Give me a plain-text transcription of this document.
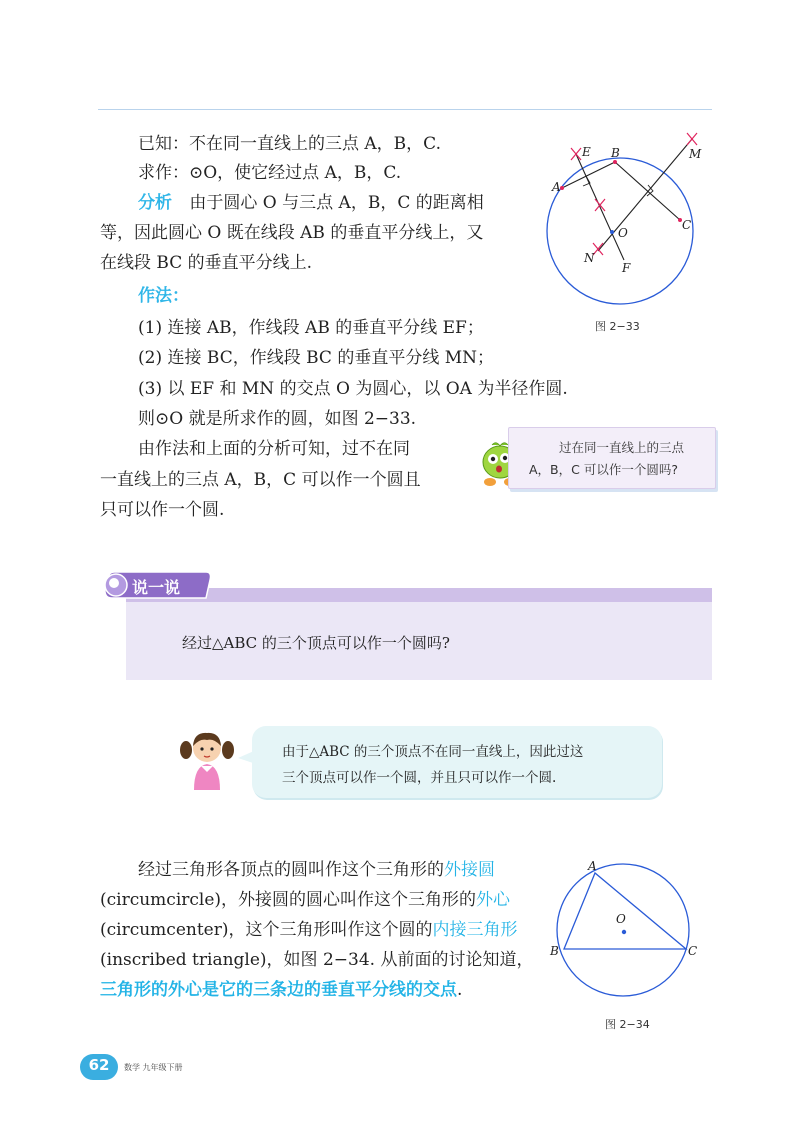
已知：不在同一直线上的三点 A，B，C.
求作：⊙O，使它经过点 A，B，C.
分析 由于圆心 O 与三点 A，B，C 的距离相
等，因此圆心 O 既在线段 AB 的垂直平分线上，又
在线段 BC 的垂直平分线上.
作法：
(1) 连接 AB，作线段 AB 的垂直平分线 EF；
(2) 连接 BC，作线段 BC 的垂直平分线 MN；
(3) 以 EF 和 MN 的交点 O 为圆心，以 OA 为半径作圆.
则⊙O 就是所求作的圆，如图 2−33.
由作法和上面的分析可知，过不在同
一直线上的三点 A，B，C 可以作一个圆且
只可以作一个圆.
E B	M
A
C
O
N
F
图 2−33
过在同一直线上的三点
A，B，C 可以作一个圆吗?
说一说
经过△ABC 的三个顶点可以作一个圆吗?
由于△ABC 的三个顶点不在同一直线上，因此过这
三个顶点可以作一个圆，并且只可以作一个圆.
经过三角形各顶点的圆叫作这个三角形的外接圆
(circumcircle)，外接圆的圆心叫作这个三角形的外心
(circumcenter)，这个三角形叫作这个圆的内接三角形
(inscribed triangle)，如图 2−34. 从前面的讨论知道，
三角形的外心是它的三条边的垂直平分线的交点.
A
O
B	C
图 2−34
62	数学 九年级下册
